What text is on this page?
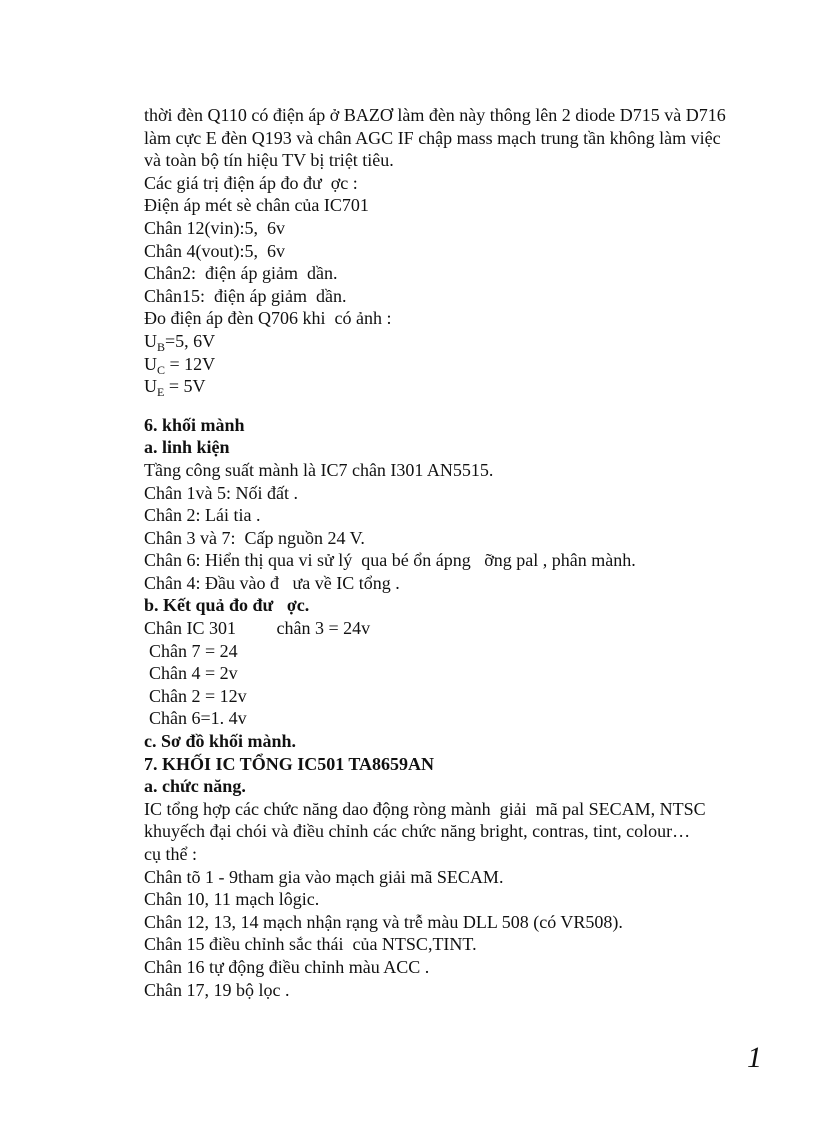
thời đèn Q110 có điện áp ở BAZƠ làm đèn này thông lên 2 diode D715 và D716
làm cực E đèn Q193 và chân AGC IF chập mass mạch trung tần không làm việc
và toàn bộ tín hiệu TV bị triệt tiêu.
Các giá trị điện áp đo đư  ợc :
Điện áp mét sè chân của IC701
Chân 12(vin):5,  6v
Chân 4(vout):5,  6v
Chân2:  điện áp giảm  dần.
Chân15:  điện áp giảm  dần.
Đo điện áp đèn Q706 khi  có ảnh :
$U_B=5$, 6V
$U_C = 12V$
$U_E = 5V$
6. khối mành
a. linh kiện
Tầng công suất mành là IC7 chân I301 AN5515.
Chân 1và 5: Nối đất .
Chân 2: Lái tia .
Chân 3 và 7:  Cấp nguồn 24 V.
Chân 6: Hiển thị qua vi sử lý  qua bé ổn ápng   ỡng pal , phân mành.
Chân 4: Đầu vào đ   ưa về IC tổng .
b. Kết quả đo đư   ợc.
Chân IC 301         chân 3 = 24v
Chân 7 = 24
Chân 4 = 2v
Chân 2 = 12v
Chân 6=1. 4v
c. Sơ đồ khối mành.
7. KHỐI IC TỔNG IC501 TA8659AN
a. chức năng.
IC tổng hợp các chức năng dao động ròng mành  giải  mã pal SECAM, NTSC
khuyếch đại chói và điều chỉnh các chức năng bright, contras, tint, colour…
cụ thể :
Chân tõ 1 - 9tham gia vào mạch giải mã SECAM.
Chân 10, 11 mạch lôgic.
Chân 12, 13, 14 mạch nhận rạng và trễ màu DLL 508 (có VR508).
Chân 15 điều chỉnh sắc thái  của NTSC,TINT.
Chân 16 tự động điều chỉnh màu ACC .
Chân 17, 19 bộ lọc .
1
